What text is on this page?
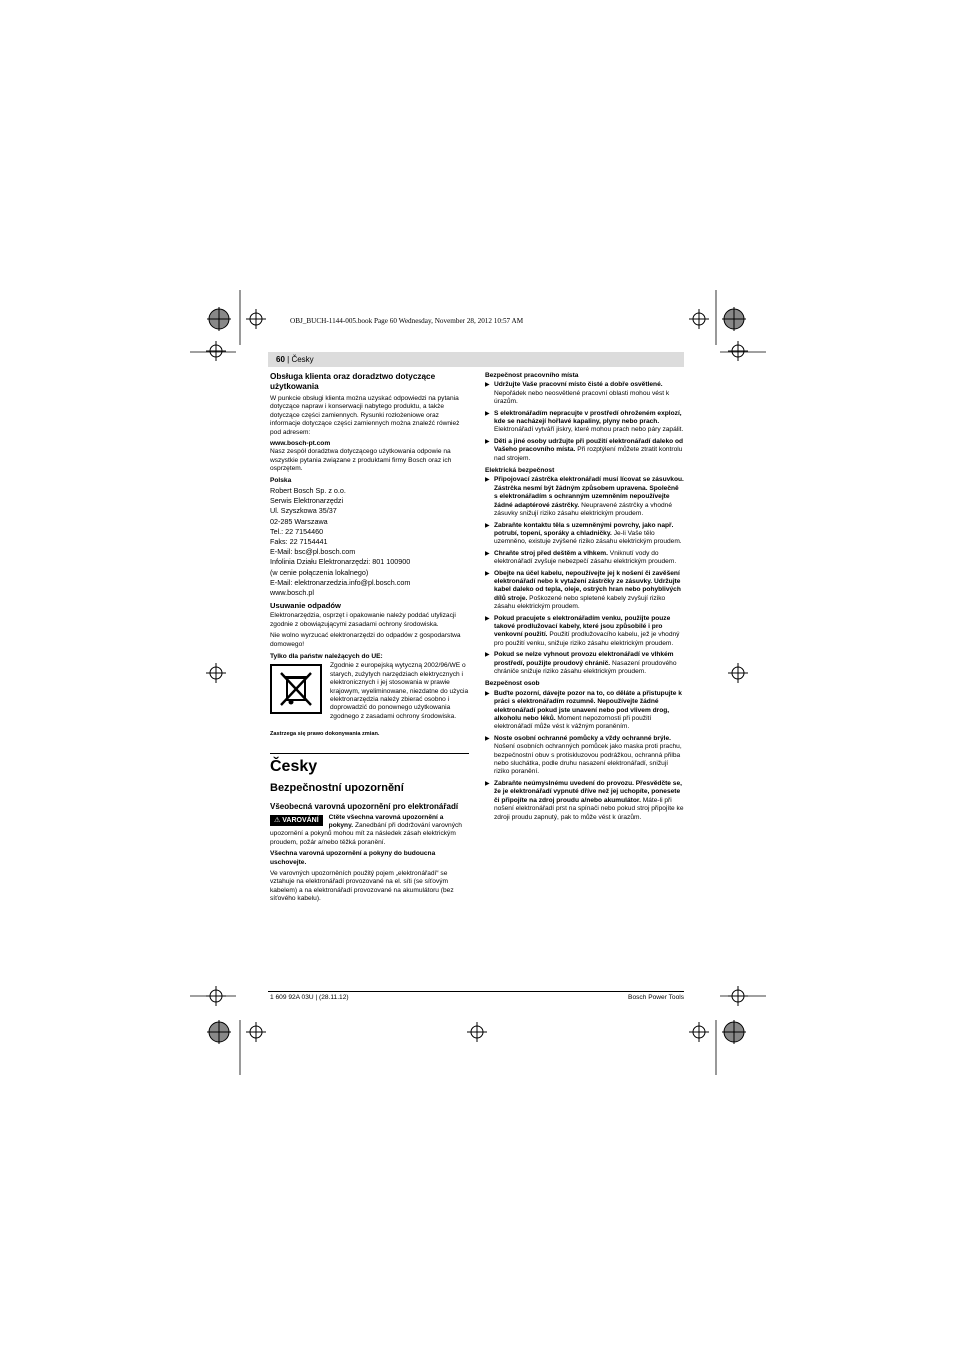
OBJ_BUCH-1144-005.book Page 60 Wednesday, November 28, 2012 10:57 AM
60 | Česky
Obsługa klienta oraz doradztwo dotyczące użytkowania

W punkcie obsługi klienta można uzyskać odpowiedzi na pytania dotyczące napraw i konserwacji nabytego produktu, a także dotyczące części zamiennych. Rysunki rozłożeniowe oraz informacje dotyczące części zamiennych można znaleźć również pod adresem:

www.bosch-pt.com

Nasz zespół doradztwa dotyczącego użytkowania odpowie na wszystkie pytania związane z produktami firmy Bosch oraz ich osprzętem.

Polska
Robert Bosch Sp. z o.o.
Serwis Elektronarzędzi
Ul. Szyszkowa 35/37
02-285 Warszawa
Tel.: 22 7154460
Faks: 22 7154441
E-Mail: bsc@pl.bosch.com
Infolinia Działu Elektronarzędzi: 801 100900
(w cenie połączenia lokalnego)
E-Mail: elektronarzedzia.info@pl.bosch.com
www.bosch.pl
Usuwanie odpadów

Elektronarzędzia, osprzęt i opakowanie należy poddać utylizacji zgodnie z obowiązującymi zasadami ochrony środowiska.

Nie wolno wyrzucać elektronarzędzi do odpadów z gospodarstwa domowego!

Tylko dla państw należących do UE:

Zgodnie z europejską wytyczną 2002/96/WE o starych, zużytych narzędziach elektrycznych i elektronicznych i jej stosowania w prawie krajowym, wyeliminowane, niezdatne do użycia elektronarzędzia należy zbierać osobno i doprowadzić do ponownego użytkowania zgodnego z zasadami ochrony środowiska.

Zastrzega się prawo dokonywania zmian.

Česky
Bezpečnostní upozornění
Všeobecná varovná upozornění pro elektronářadí
⚠ VAROVÁNÍ	Čtěte všechna varovná upozornění a pokyny. Zanedbání při dodržování varovných upozornění a pokynů mohou mít za následek zásah elektrickým proudem, požár a/nebo těžká poranění.

Všechna varovná upozornění a pokyny do budoucna uschovejte.

Ve varovných upozorněních použitý pojem „elektronářadí“ se vztahuje na elektronářadí provozované na el. síti (se síťovým kabelem) a na elektronářadí provozované na akumulátoru (bez síťového kabelu).

Bezpečnost pracovního místa
▶ Udržujte Vaše pracovní místo čisté a dobře osvětlené. Nepořádek nebo neosvětlené pracovní oblasti mohou vést k úrazům.
▶ S elektronářadím nepracujte v prostředí ohroženém explozí, kde se nacházejí hořlavé kapaliny, plyny nebo prach. Elektronářadí vytváří jiskry, které mohou prach nebo páry zapálit.
▶ Děti a jiné osoby udržujte při použití elektronářadí daleko od Vašeho pracovního místa. Při rozptýlení můžete ztratit kontrolu nad strojem.
Elektrická bezpečnost
▶ Připojovací zástrčka elektronářadí musí lícovat se zásuvkou. Zástrčka nesmí být žádným způsobem upravena. Společně s elektronářadím s ochranným uzemněním nepoužívejte žádné adaptérové zástrčky. Neupravené zástrčky a vhodné zásuvky snižují riziko zásahu elektrickým proudem.
▶ Zabraňte kontaktu těla s uzemněnými povrchy, jako např. potrubí, topení, sporáky a chladničky. Je-li Vaše tělo uzemněno, existuje zvýšené riziko zásahu elektrickým proudem.
▶ Chraňte stroj před deštěm a vlhkem. Vniknutí vody do elektronářadí zvyšuje nebezpečí zásahu elektrickým proudem.
▶ Obejte na účel kabelu, nepoužívejte jej k nošení či zavěšení elektronářadí nebo k vytažení zástrčky ze zásuvky. Udržujte kabel daleko od tepla, oleje, ostrých hran nebo pohyblivých dílů stroje. Poškozené nebo spletené kabely zvyšují riziko zásahu elektrickým proudem.
▶ Pokud pracujete s elektronářadím venku, použijte pouze takové prodlužovací kabely, které jsou způsobilé i pro venkovní použití. Použití prodlužovacího kabelu, jež je vhodný pro použití venku, snižuje riziko zásahu elektrickým proudem.
▶ Pokud se nelze vyhnout provozu elektronářadí ve vlhkém prostředí, použijte proudový chránič. Nasazení proudového chrániče snižuje riziko zásahu elektrickým proudem.
Bezpečnost osob
▶ Buďte pozorní, dávejte pozor na to, co děláte a přistupujte k práci s elektronářadím rozumně. Nepoužívejte žádné elektronářadí pokud jste unavení nebo pod vlivem drog, alkoholu nebo léků. Moment nepozornosti při použití elektronářadí může vést k vážným poraněním.
▶ Noste osobní ochranné pomůcky a vždy ochranné brýle. Nošení osobních ochranných pomůcek jako maska proti prachu, bezpečnostní obuv s protiskluzovou podrážkou, ochranná přilba nebo sluchátka, podle druhu nasazení elektronářadí, snižují riziko poranění.
▶ Zabraňte neúmyslnému uvedení do provozu. Přesvědčte se, že je elektronářadí vypnuté dříve než jej uchopíte, ponesete či připojíte na zdroj proudu a/nebo akumulátor. Máte-li při nošení elektronářadí prst na spínači nebo pokud stroj připojíte ke zdroji proudu zapnutý, pak to může vést k úrazům.
1 609 92A 03U | (28.11.12)	Bosch Power Tools
